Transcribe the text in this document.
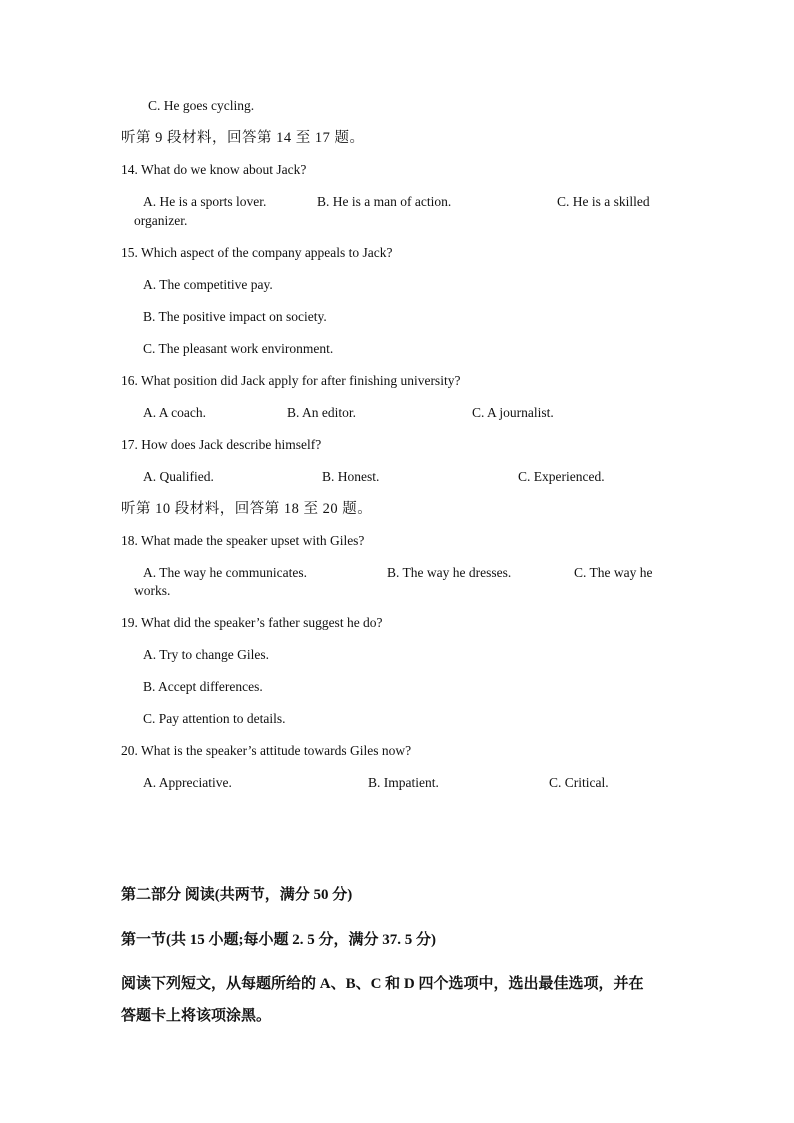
C. He goes cycling.
听第 9 段材料，回答第 14 至 17 题。
14. What do we know about Jack?
A. He is a sports lover.	B. He is a man of action.	C. He is a skilled
organizer.
15. Which aspect of the company appeals to Jack?
A. The competitive pay.
B. The positive impact on society.
C. The pleasant work environment.
16. What position did Jack apply for after finishing university?
A. A coach.	B. An editor.	C. A journalist.
17. How does Jack describe himself?
A. Qualified.	B. Honest.	C. Experienced.
听第 10 段材料，回答第 18 至 20 题。
18. What made the speaker upset with Giles?
A. The way he communicates.	B. The way he dresses.	C. The way he
works.
19. What did the speaker’s father suggest he do?
A. Try to change Giles.
B. Accept differences.
C. Pay attention to details.
20. What is the speaker’s attitude towards Giles now?
A. Appreciative.	B. Impatient.	C. Critical.
第二部分 阅读(共两节，满分 50 分)
第一节(共 15 小题;每小题 2. 5 分，满分 37. 5 分)
阅读下列短文，从每题所给的 A、B、C 和 D 四个选项中，选出最佳选项，并在
答题卡上将该项涂黑。
